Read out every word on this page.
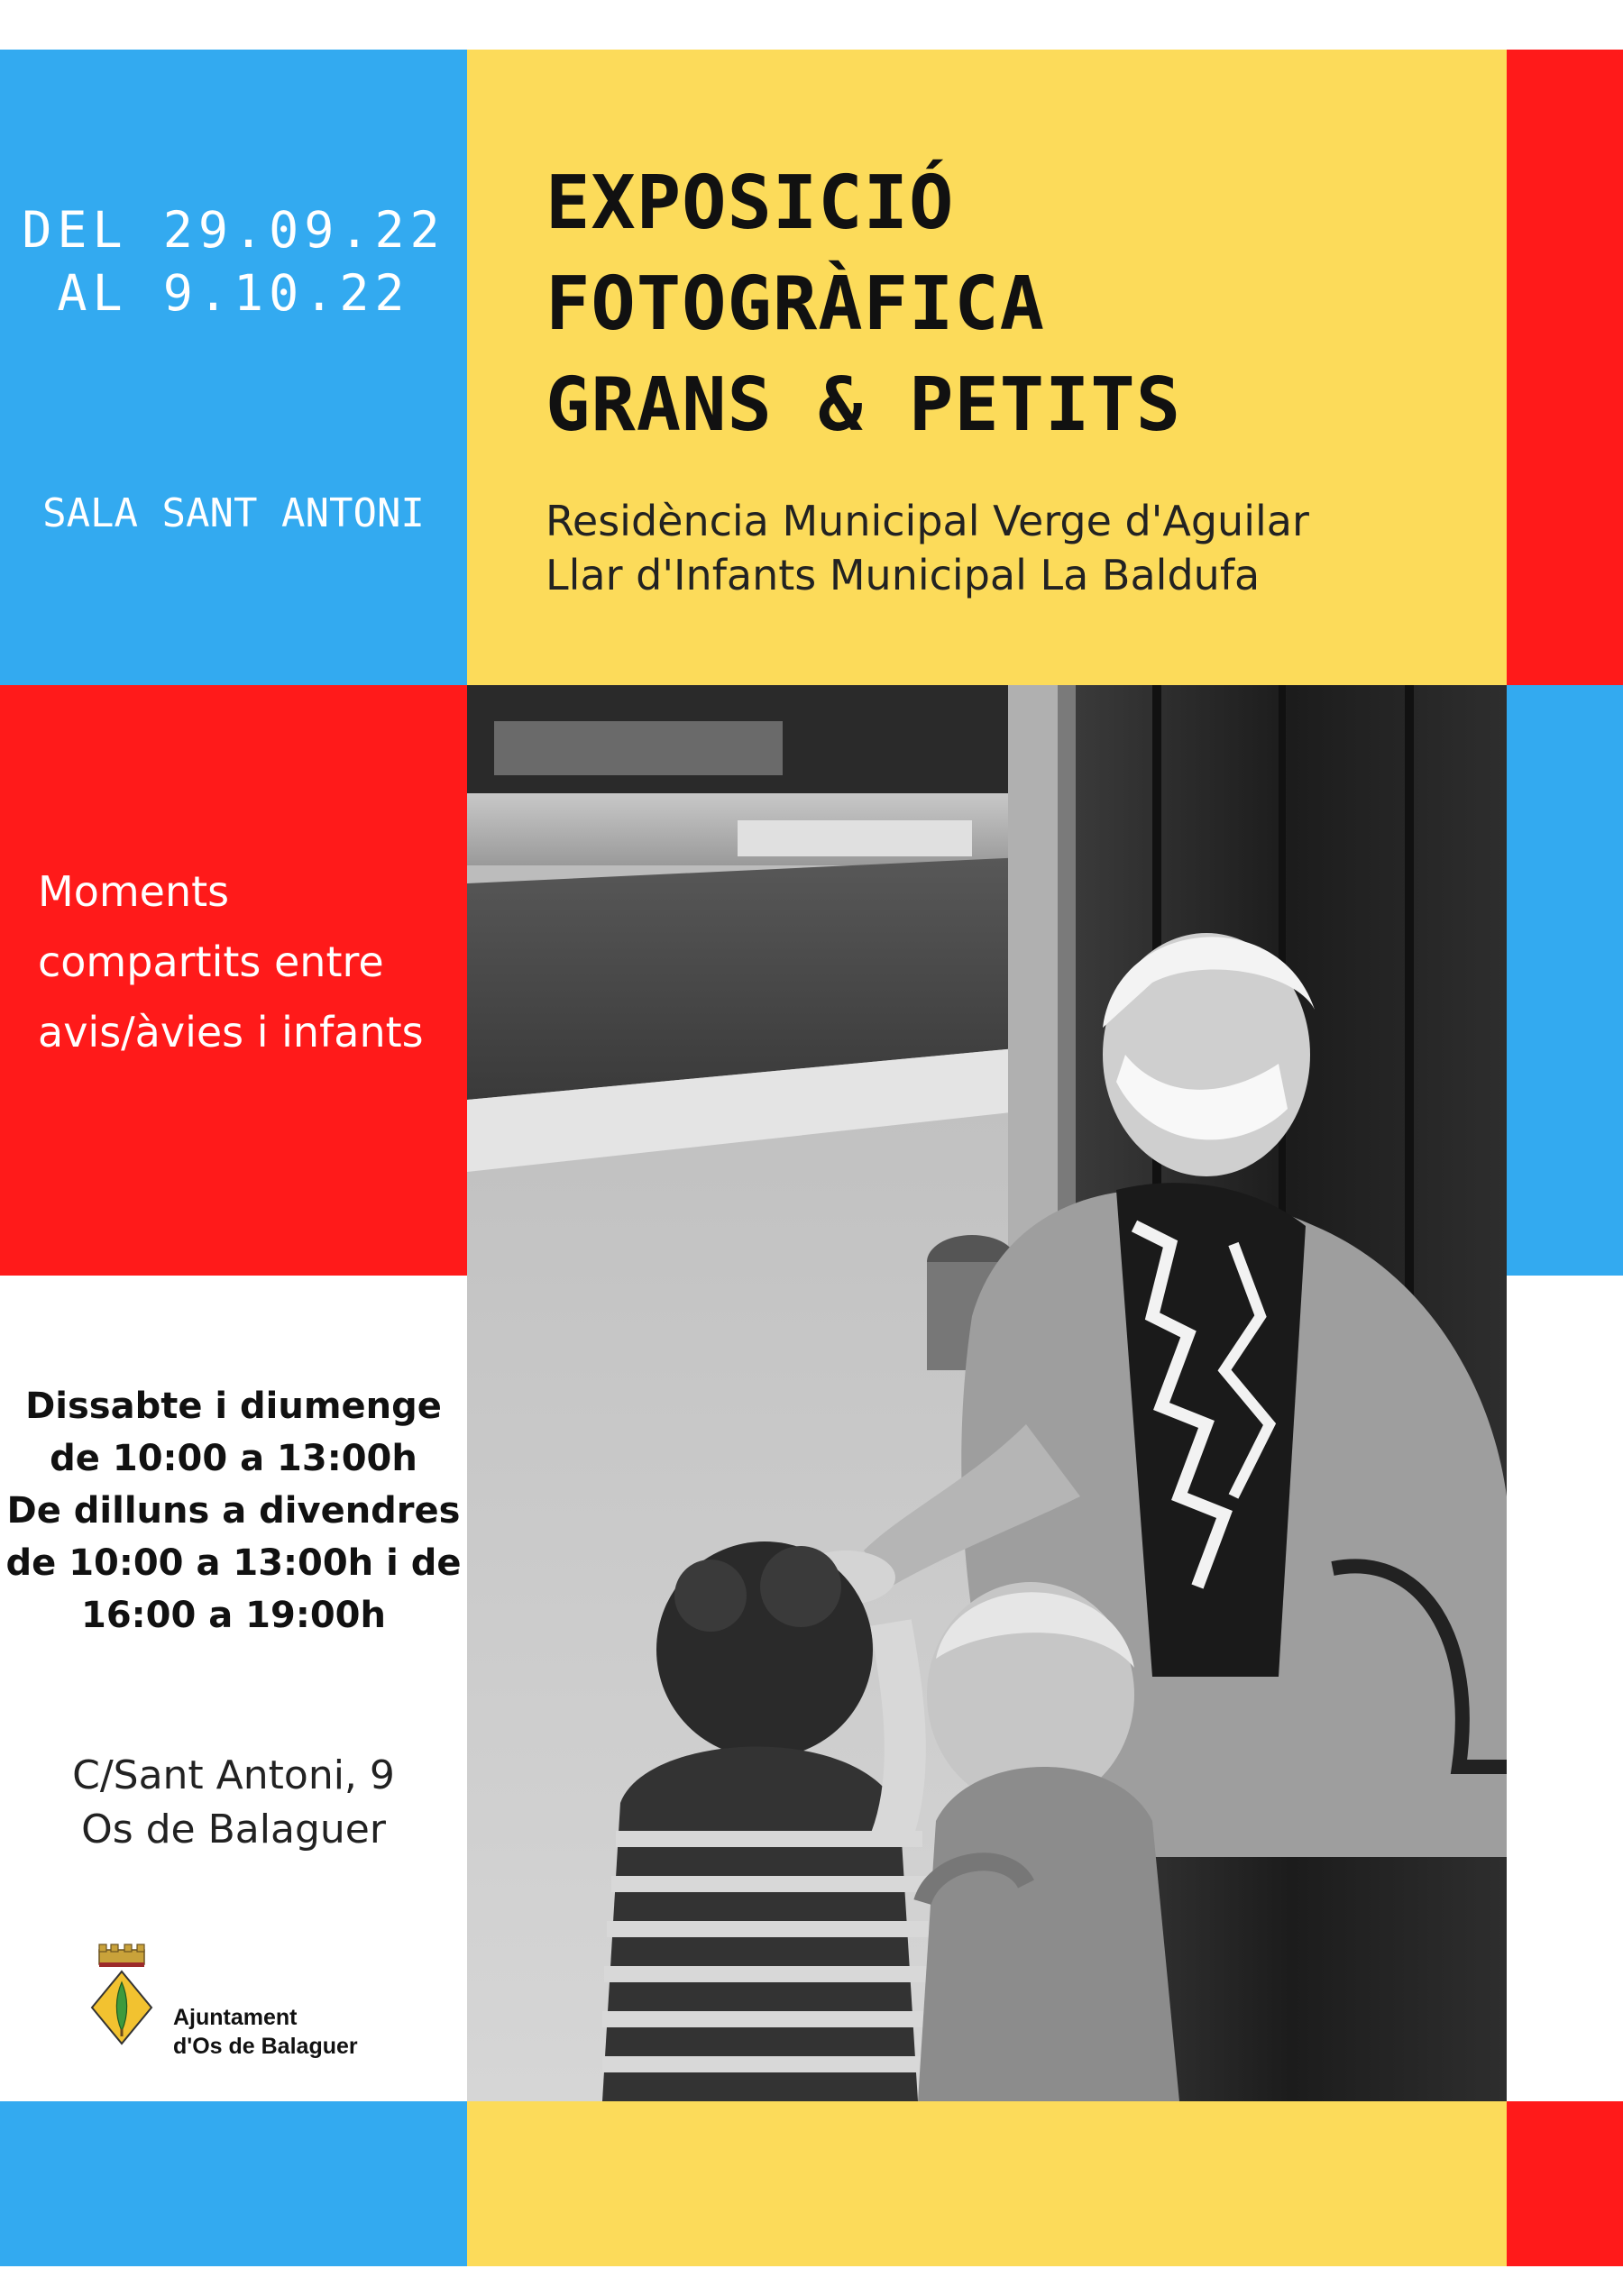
DEL 29.09.22

AL 9.10.22

SALA SANT ANTONI

EXPOSICIÓ

FOTOGRÀFICA

GRANS & PETITS

Residència Municipal Verge d'Aguilar

Llar d'Infants Municipal La Baldufa

Moments

compartits entre

avis/àvies i infants

Dissabte i diumenge

de 10:00 a 13:00h

De dilluns a divendres

de 10:00 a 13:00h i de

16:00 a 19:00h

C/Sant Antoni, 9

Os de Balaguer

Ajuntament

d'Os de Balaguer
